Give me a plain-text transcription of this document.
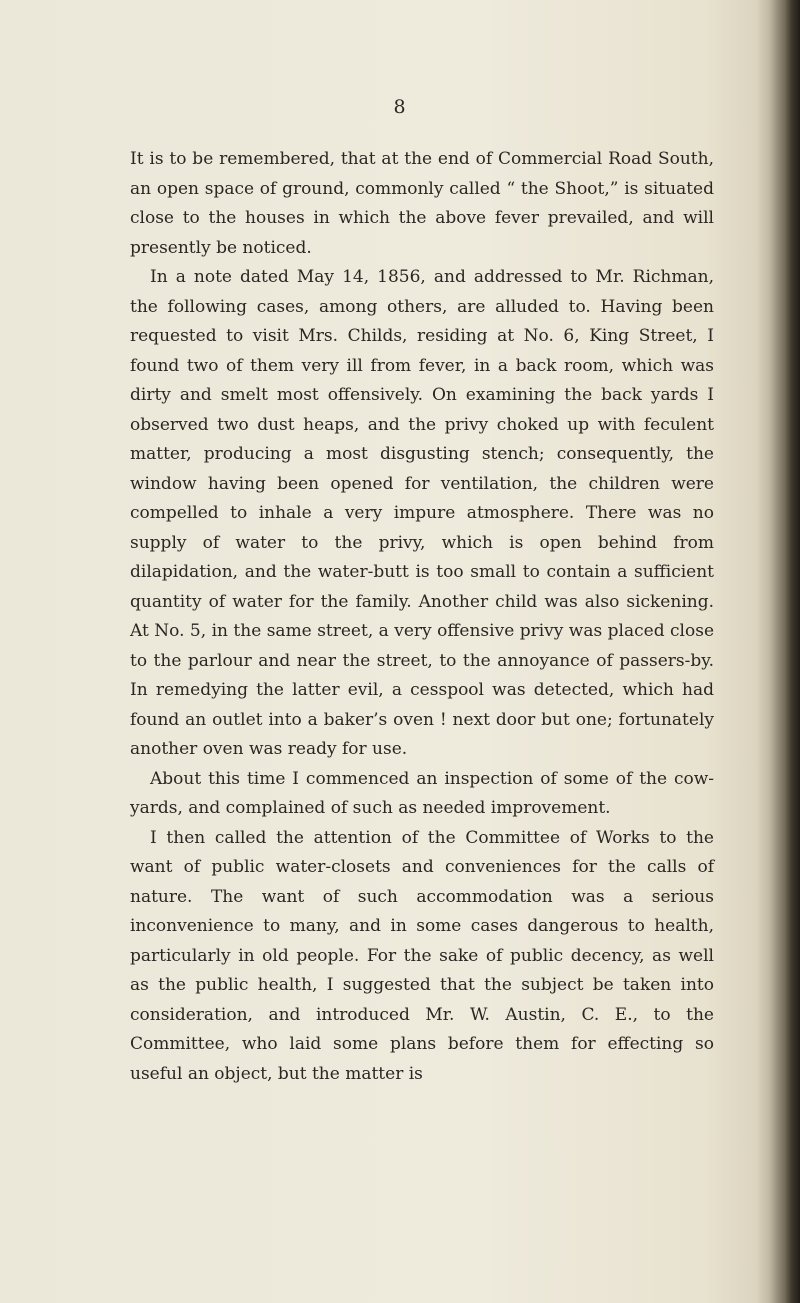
8

It is to be remembered, that at the end of Commercial Road South, an open space of ground, commonly called “ the Shoot,” is situated close to the houses in which the above fever prevailed, and will presently be noticed.

In a note dated May 14, 1856, and addressed to Mr. Richman, the following cases, among others, are alluded to. Having been requested to visit Mrs. Childs, residing at No. 6, King Street, I found two of them very ill from fever, in a back room, which was dirty and smelt most offensively. On examining the back yards I observed two dust heaps, and the privy choked up with feculent matter, producing a most disgusting stench; consequently, the window having been opened for ventilation, the children were compelled to inhale a very impure atmosphere. There was no supply of water to the privy, which is open behind from dilapidation, and the water-butt is too small to contain a sufficient quantity of water for the family. Another child was also sickening. At No. 5, in the same street, a very offensive privy was placed close to the parlour and near the street, to the annoyance of passers-by. In remedying the latter evil, a cesspool was detected, which had found an outlet into a baker’s oven ! next door but one; fortunately another oven was ready for use.

About this time I commenced an inspection of some of the cow-yards, and complained of such as needed improvement.

I then called the attention of the Committee of Works to the want of public water-closets and conveniences for the calls of nature. The want of such accommodation was a serious inconvenience to many, and in some cases dangerous to health, particularly in old people. For the sake of public decency, as well as the public health, I suggested that the subject be taken into consideration, and introduced Mr. W. Austin, C. E., to the Committee, who laid some plans before them for effecting so useful an object, but the matter is
